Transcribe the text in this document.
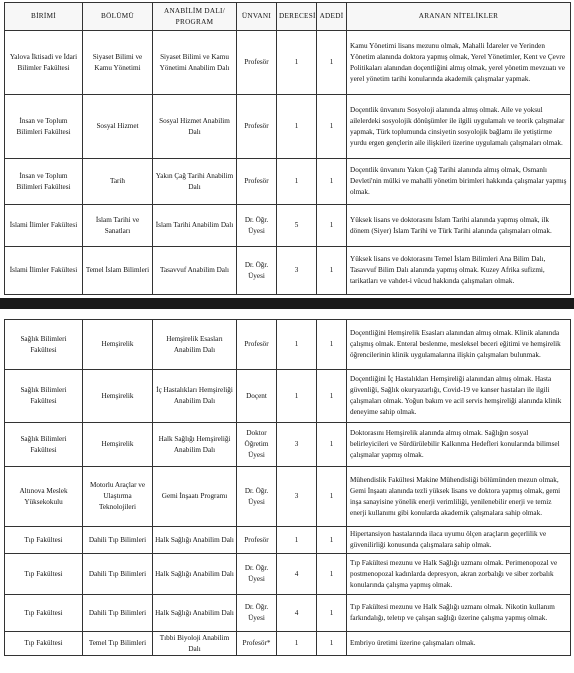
BİRİMİ	BÖLÜMÜ	ANABİLİM DALI/ PROGRAM	ÜNVANI	DERECESİ	ADEDİ	ARANAN NİTELİKLER
Yalova İktisadi ve İdari Bilimler Fakültesi	Siyaset Bilimi ve Kamu Yönetimi	Siyaset Bilimi ve Kamu Yönetimi Anabilim Dalı	Profesör	1	1	Kamu Yönetimi lisans mezunu olmak, Mahalli İdareler ve Yerinden Yönetim alanında doktora yapmış olmak, Yerel Yönetimler, Kent ve Çevre Politikaları alanından doçentliğini almış olmak, yerel yönetim mevzuatı ve yerel yönetim tarihi konularında akademik çalışmalar yapmak.
İnsan ve Toplum Bilimleri Fakültesi	Sosyal Hizmet	Sosyal Hizmet Anabilim Dalı	Profesör	1	1	Doçentlik ünvanını Sosyoloji alanında almış olmak. Aile ve yoksul ailelerdeki sosyolojik dönüşümler ile ilgili uygulamalı ve teorik çalışmalar yapmak, Türk toplumunda cinsiyetin sosyolojik bağlamı ile yetiştirme yurdu ergen gençlerin aile ilişkileri üzerine uygulamalı çalışmaları olmak.
İnsan ve Toplum Bilimleri Fakültesi	Tarih	Yakın Çağ Tarihi Anabilim Dalı	Profesör	1	1	Doçentlik ünvanını Yakın Çağ Tarihi alanında almış olmak, Osmanlı Devleti'nin mülki ve mahalli yönetim birimleri hakkında çalışmalar yapmış olmak.
İslami İlimler Fakültesi	İslam Tarihi ve Sanatları	İslam Tarihi Anabilim Dalı	Dr. Öğr. Üyesi	5	1	Yüksek lisans ve doktorasını İslam Tarihi alanında yapmış olmak, ilk dönem (Siyer) İslam Tarihi ve Türk Tarihi alanında çalışmaları olmak.
İslami İlimler Fakültesi	Temel İslam Bilimleri	Tasavvuf Anabilim Dalı	Dr. Öğr. Üyesi	3	1	Yüksek lisans ve doktorasını Temel İslam Bilimleri Ana Bilim Dalı, Tasavvuf Bilim Dalı alanında yapmış olmak. Kuzey Afrika sufizmi, tarikatları ve vahdet-i vücud hakkında çalışmaları olmak.
Sağlık Bilimleri Fakültesi	Hemşirelik	Hemşirelik Esasları Anabilim Dalı	Profesör	1	1	Doçentliğini Hemşirelik Esasları alanından almış olmak. Klinik alanında çalışmış olmak. Enteral beslenme, mesleksel beceri eğitimi ve hemşirelik öğrencilerinin klinik uygulamalarına ilişkin çalışmaları bulunmak.
Sağlık Bilimleri Fakültesi	Hemşirelik	İç Hastalıkları Hemşireliği Anabilim Dalı	Doçent	1	1	Doçentliğini İç Hastalıkları Hemşireliği alanından almış olmak. Hasta güvenliği, Sağlık okuryazarlığı, Covid-19 ve kanser hastaları ile ilgili çalışmaları olmak. Yoğun bakım ve acil servis hemşireliği alanında klinik deneyime sahip olmak.
Sağlık Bilimleri Fakültesi	Hemşirelik	Halk Sağlığı Hemşireliği Anabilim Dalı	Doktor Öğretim Üyesi	3	1	Doktorasını Hemşirelik alanında almış olmak. Sağlığın sosyal belirleyicileri ve Sürdürülebilir Kalkınma Hedefleri konularında bilimsel çalışmalar yapmış olmak.
Altınova Meslek Yüksekokulu	Motorlu Araçlar ve Ulaştırma Teknolojileri	Gemi İnşaatı Programı	Dr. Öğr. Üyesi	3	1	Mühendislik Fakültesi Makine Mühendisliği bölümünden mezun olmak, Gemi İnşaatı alanında tezli yüksek lisans ve doktora yapmış olmak, gemi inşa sanayisine yönelik enerji verimliliği, yenilenebilir enerji ve temiz enerji kullanımı gibi konularda akademik çalışmalara sahip olmak.
Tıp Fakültesi	Dahili Tıp Bilimleri	Halk Sağlığı Anabilim Dalı	Profesör	1	1	Hipertansiyon hastalarında ilaca uyumu ölçen araçların geçerlilik ve güvenilirliği konusunda çalışmalara sahip olmak.
Tıp Fakültesi	Dahili Tıp Bilimleri	Halk Sağlığı Anabilim Dalı	Dr. Öğr. Üyesi	4	1	Tıp Fakültesi mezunu ve Halk Sağlığı uzmanı olmak. Perimenopozal ve postmenopozal kadınlarda depresyon, akran zorbalığı ve siber zorbalık konularında çalışma yapmış olmak.
Tıp Fakültesi	Dahili Tıp Bilimleri	Halk Sağlığı Anabilim Dalı	Dr. Öğr. Üyesi	4	1	Tıp Fakültesi mezunu ve Halk Sağlığı uzmanı olmak. Nikotin kullanım farkındalığı, teletıp ve çalışan sağlığı üzerine çalışma yapmış olmak.
Tıp Fakültesi	Temel Tıp Bilimleri	Tıbbi Biyoloji Anabilim Dalı	Profesör*	1	1	Embriyo üretimi üzerine çalışmaları olmak.
